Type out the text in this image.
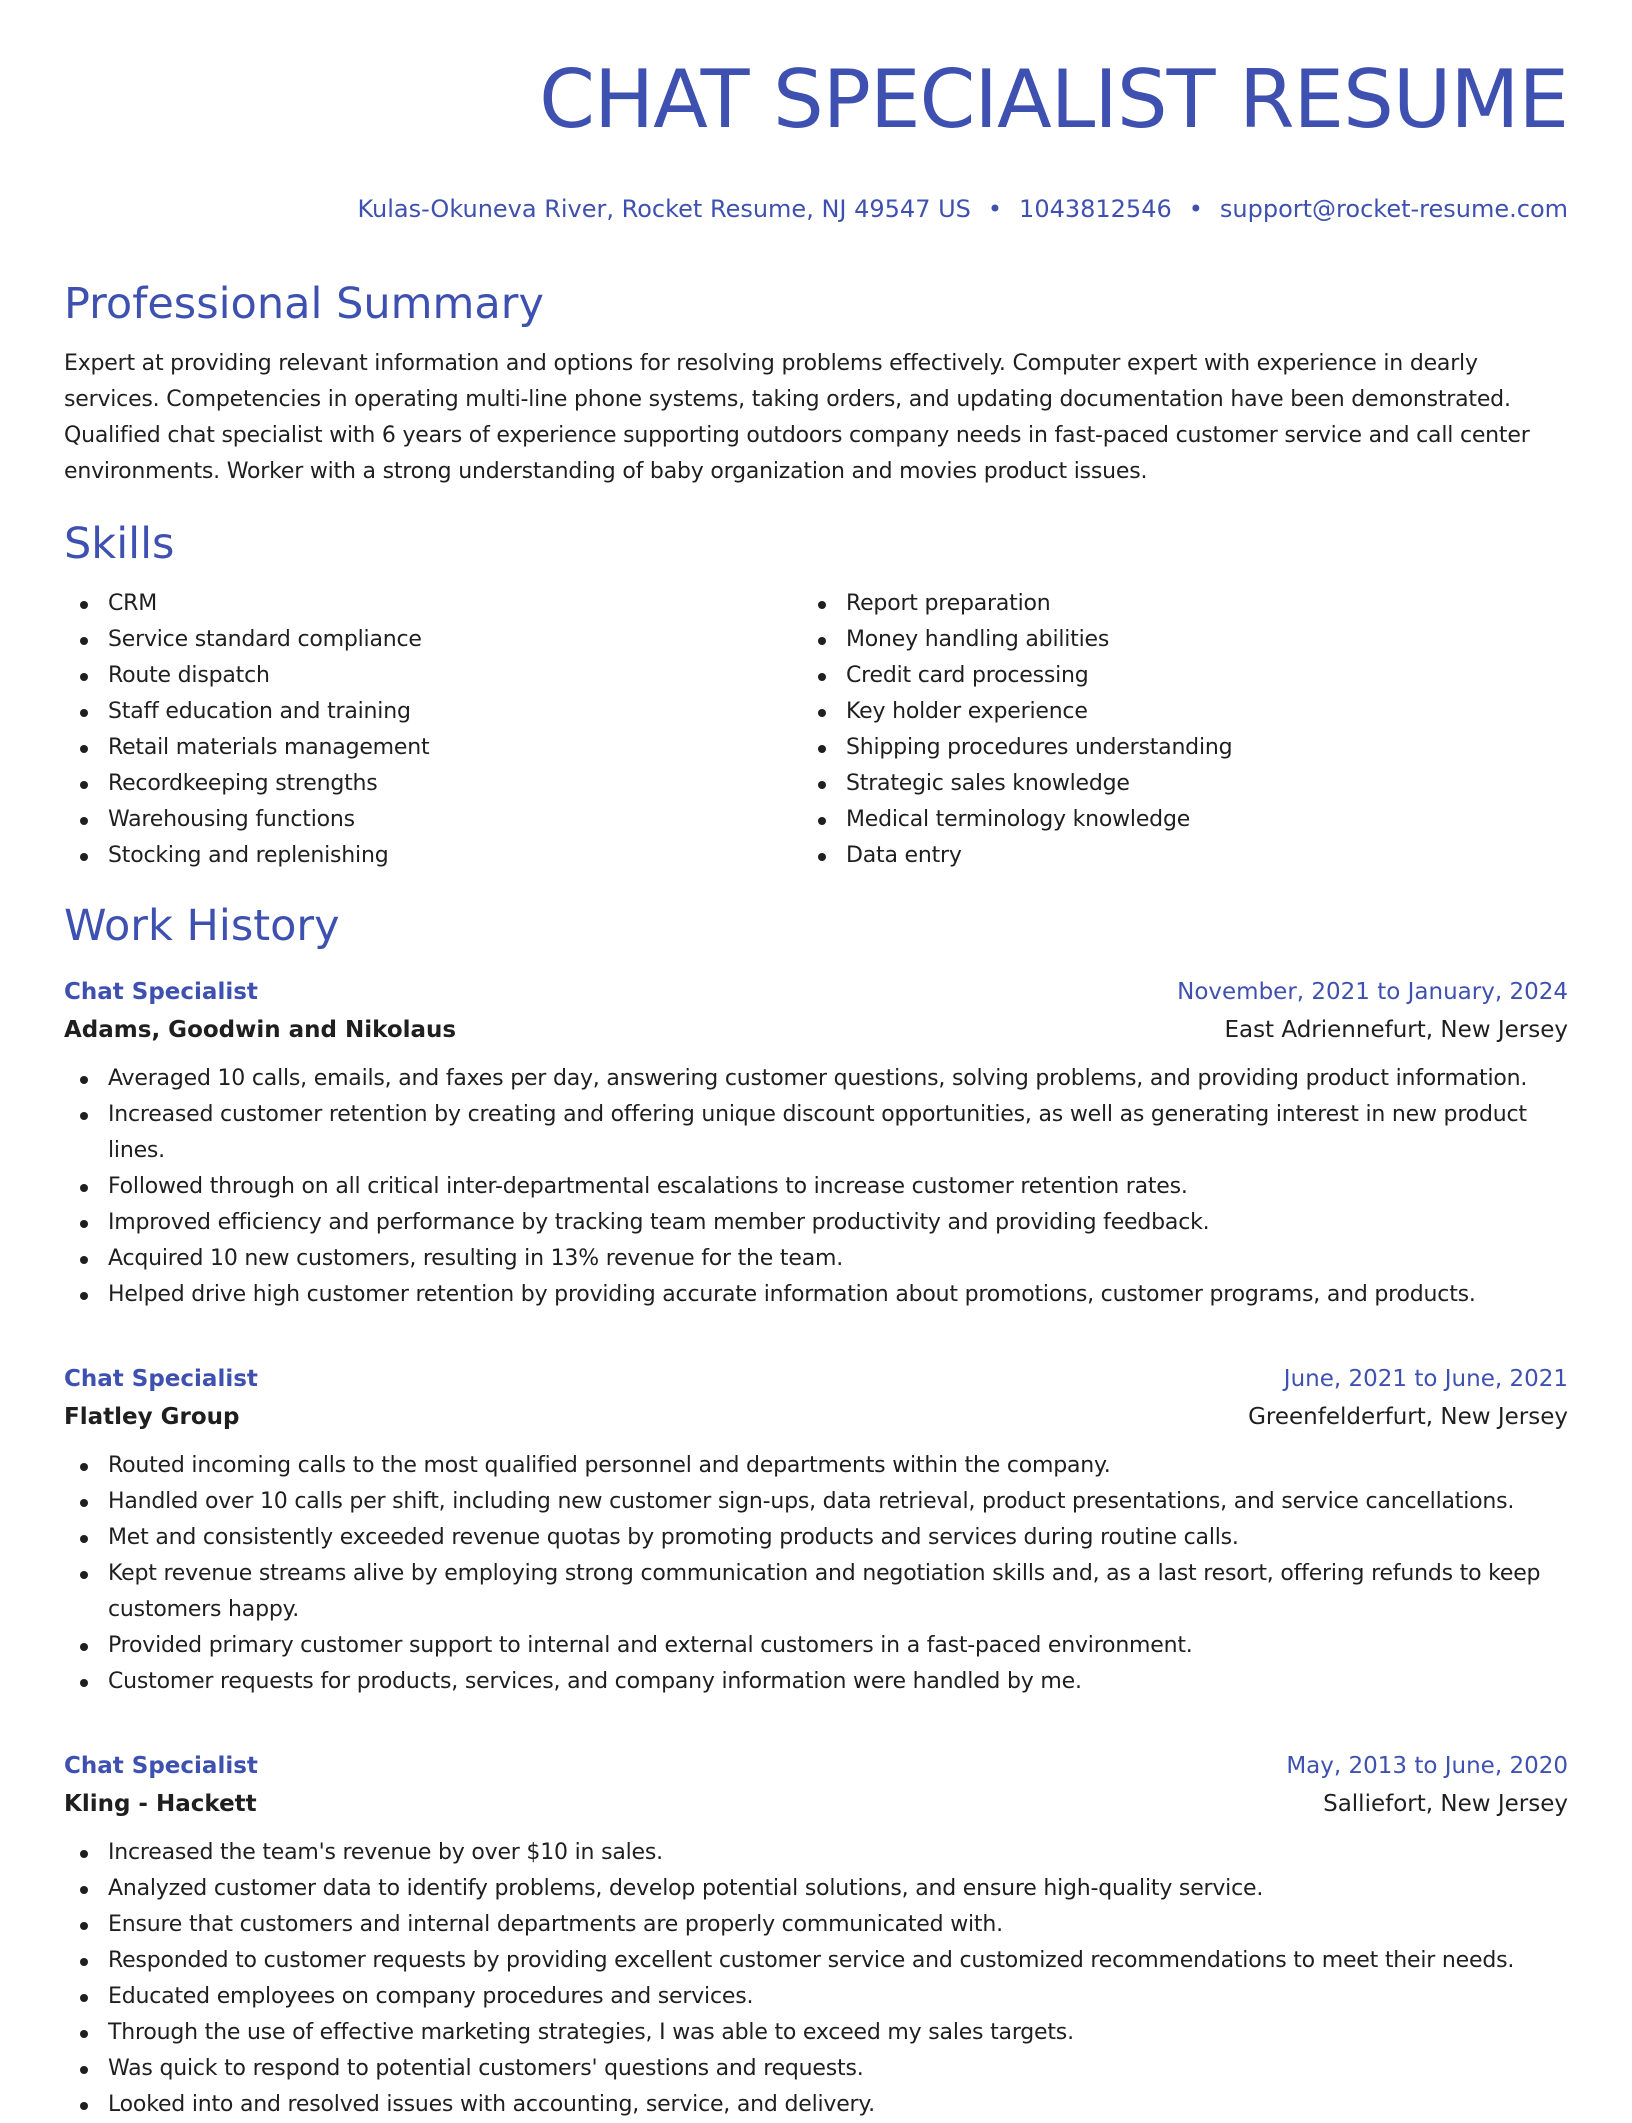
CHAT SPECIALIST RESUME
Kulas-Okuneva River, Rocket Resume, NJ 49547 US • 1043812546 • support@rocket-resume.com
Professional Summary

Expert at providing relevant information and options for resolving problems effectively. Computer expert with experience in dearly services. Competencies in operating multi-line phone systems, taking orders, and updating documentation have been demonstrated. Qualified chat specialist with 6 years of experience supporting outdoors company needs in fast-paced customer service and call center environments. Worker with a strong understanding of baby organization and movies product issues.

Skills
CRM
Service standard compliance
Route dispatch
Staff education and training
Retail materials management
Recordkeeping strengths
Warehousing functions
Stocking and replenishing
Report preparation
Money handling abilities
Credit card processing
Key holder experience
Shipping procedures understanding
Strategic sales knowledge
Medical terminology knowledge
Data entry
Work History
Chat Specialist	November, 2021 to January, 2024
Adams, Goodwin and Nikolaus	East Adriennefurt, New Jersey
Averaged 10 calls, emails, and faxes per day, answering customer questions, solving problems, and providing product information.
Increased customer retention by creating and offering unique discount opportunities, as well as generating interest in new product lines.
Followed through on all critical inter-departmental escalations to increase customer retention rates.
Improved efficiency and performance by tracking team member productivity and providing feedback.
Acquired 10 new customers, resulting in 13% revenue for the team.
Helped drive high customer retention by providing accurate information about promotions, customer programs, and products.
Chat Specialist	June, 2021 to June, 2021
Flatley Group	Greenfelderfurt, New Jersey
Routed incoming calls to the most qualified personnel and departments within the company.
Handled over 10 calls per shift, including new customer sign-ups, data retrieval, product presentations, and service cancellations.
Met and consistently exceeded revenue quotas by promoting products and services during routine calls.
Kept revenue streams alive by employing strong communication and negotiation skills and, as a last resort, offering refunds to keep customers happy.
Provided primary customer support to internal and external customers in a fast-paced environment.
Customer requests for products, services, and company information were handled by me.
Chat Specialist	May, 2013 to June, 2020
Kling - Hackett	Salliefort, New Jersey
Increased the team's revenue by over $10 in sales.
Analyzed customer data to identify problems, develop potential solutions, and ensure high-quality service.
Ensure that customers and internal departments are properly communicated with.
Responded to customer requests by providing excellent customer service and customized recommendations to meet their needs.
Educated employees on company procedures and services.
Through the use of effective marketing strategies, I was able to exceed my sales targets.
Was quick to respond to potential customers' questions and requests.
Looked into and resolved issues with accounting, service, and delivery.
